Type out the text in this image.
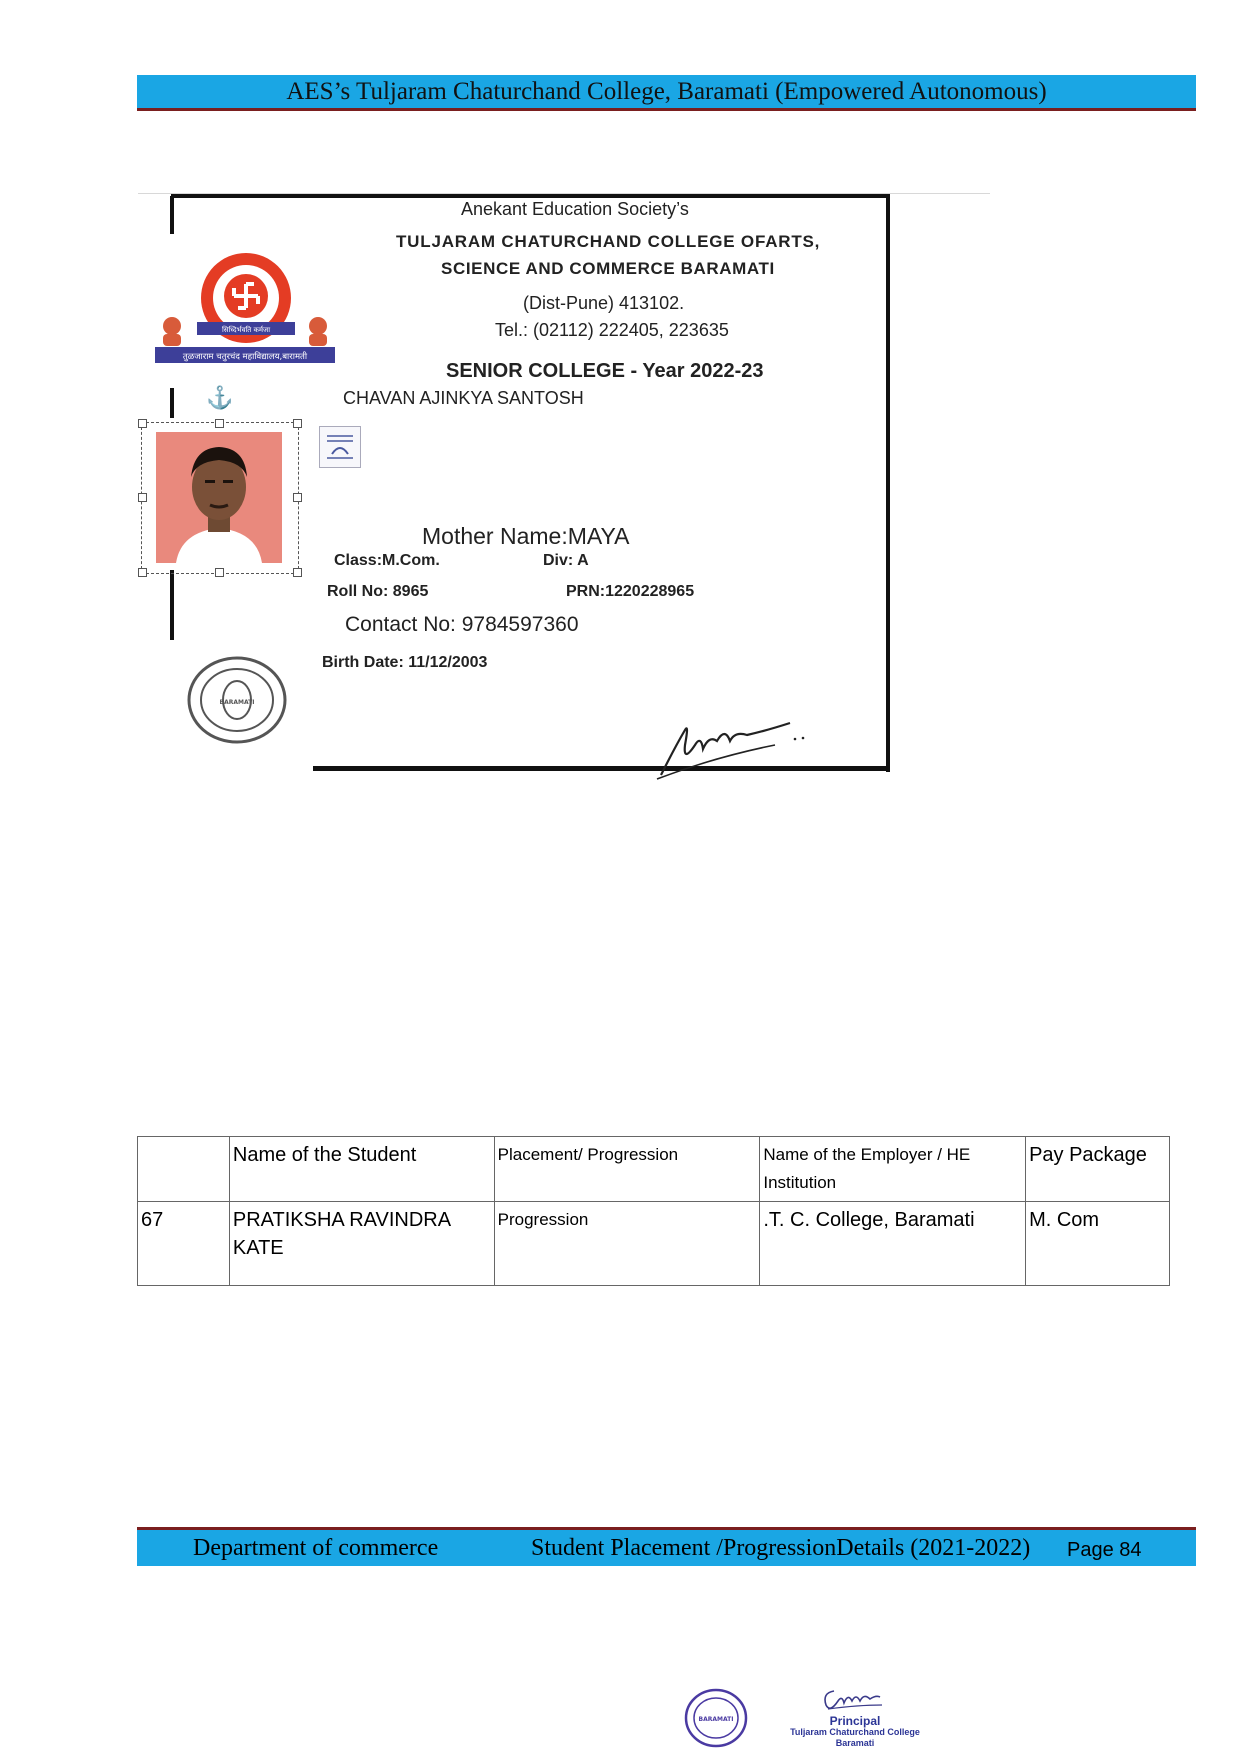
AES’s Tuljaram Chaturchand College, Baramati (Empowered Autonomous)
सिध्दिर्भवति कर्मजा
तुळजाराम चतुरचंद महाविद्यालय,बारामती
⚓
Anekant Education Society’s
TULJARAM CHATURCHAND COLLEGE OFARTS,
SCIENCE AND COMMERCE BARAMATI
(Dist-Pune) 413102.
Tel.: (02112) 222405, 223635
SENIOR COLLEGE - Year 2022-23
CHAVAN AJINKYA SANTOSH
Mother Name:MAYA
Class:M.Com.	Div: A
Roll No: 8965	PRN:1220228965
Contact No: 9784597360
Birth Date: 11/12/2003
BARAMATI
	Name of the Student	Placement/ Progression	Name of the Employer / HE Institution	Pay Package
67	PRATIKSHA RAVINDRA KATE	Progression	.T. C. College, Baramati	M. Com
Department of commerce	Student Placement /ProgressionDetails (2021-2022) Page 84
BARAMATI	Principal
Tuljaram Chaturchand College
Baramati
